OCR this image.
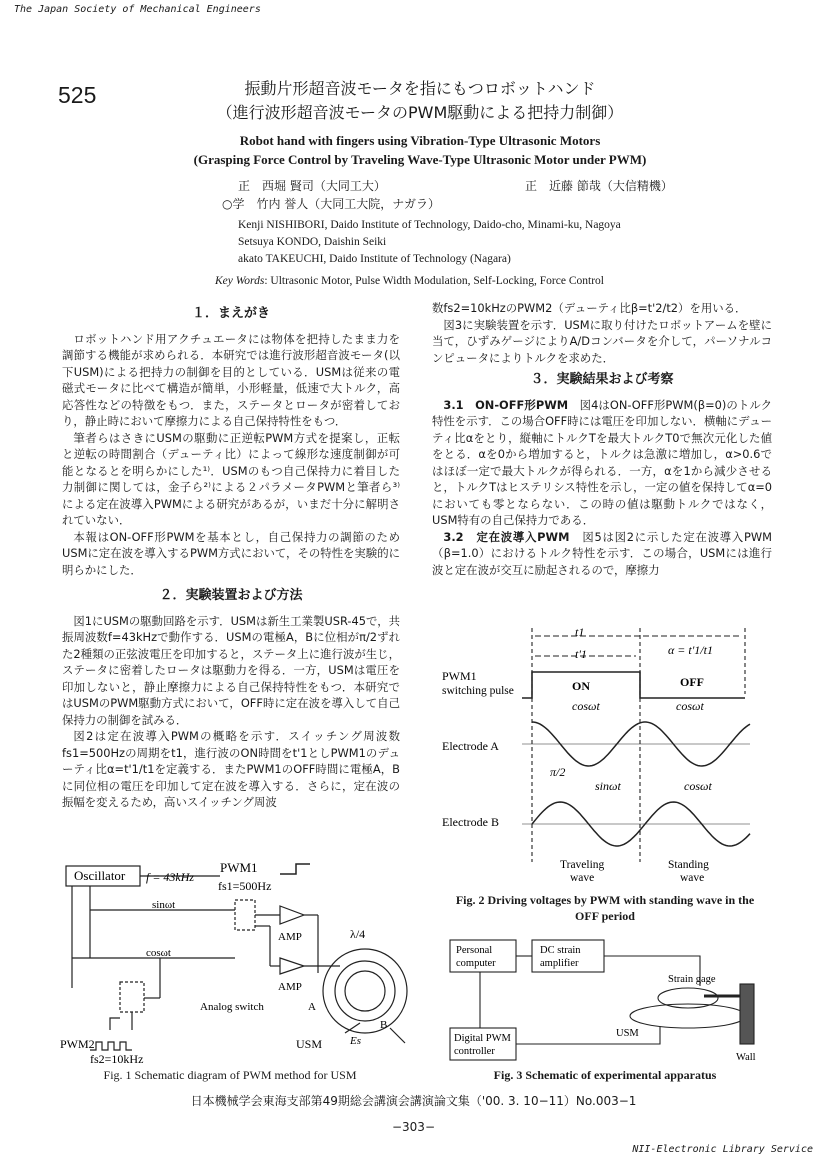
The Japan Society of Mechanical Engineers
525	振動片形超音波モータを指にもつロボットハンド
（進行波形超音波モータのPWM駆動による把持力制御）
Robot hand with fingers using Vibration-Type Ultrasonic Motors
(Grasping Force Control by Traveling Wave-Type Ultrasonic Motor under PWM)
正　西堀 賢司（大同工大）	正　近藤 節哉（大信精機）
○学　竹内 誉人（大同工大院，ナガラ）
Kenji NISHIBORI, Daido Institute of Technology, Daido-cho, Minami-ku, Nagoya
Setsuya KONDO, Daishin Seiki
akato TAKEUCHI, Daido Institute of Technology (Nagara)
Key Words: Ultrasonic Motor, Pulse Width Modulation, Self-Locking, Force Control
１．まえがき

ロボットハンド用アクチュエータには物体を把持したまま力を調節する機能が求められる．本研究では進行波形超音波モータ(以下USM)による把持力の制御を目的としている．USMは従来の電磁式モータに比べて構造が簡単，小形軽量，低速で大トルク，高応答性などの特徴をもつ．また，ステータとロータが密着しており，静止時において摩擦力による自己保持特性をもつ．

筆者らはさきにUSMの駆動に正逆転PWM方式を提案し，正転と逆転の時間割合（デューティ比）によって線形な速度制御が可能となるとを明らかにした¹⁾．USMのもつ自己保持力に着目した力制御に関しては，金子ら²⁾による２パラメータPWMと筆者ら³⁾による定在波導入PWMによる研究があるが，いまだ十分に解明されていない．

本報はON-OFF形PWMを基本とし，自己保持力の調節のためUSMに定在波を導入するPWM方式において，その特性を実験的に明らかにした．

２．実験装置および方法

図1にUSMの駆動回路を示す．USMは新生工業製USR-45で，共振周波数f=43kHzで動作する．USMの電極A，Bに位相がπ/2ずれた2種類の正弦波電圧を印加すると，ステータ上に進行波が生じ，ステータに密着したロータは駆動力を得る．一方，USMは電圧を印加しないと，静止摩擦力による自己保持特性をもつ．本研究ではUSMのPWM駆動方式において，OFF時に定在波を導入して自己保持力の制御を試みる．

図2は定在波導入PWMの概略を示す．スイッチング周波数fs1=500Hzの周期をt1，進行波のON時間をt'1としPWM1のデューティ比α=t'1/t1を定義する．またPWM1のOFF時間に電極A，Bに同位相の電圧を印加して定在波を導入する．さらに，定在波の振幅を変えるため，高いスイッチング周波

数fs2=10kHzのPWM2（デューティ比β=t'2/t2）を用いる．

図3に実験装置を示す．USMに取り付けたロボットアームを壁に当て，ひずみゲージによりA/Dコンバータを介して，パーソナルコンピュータによりトルクを求めた．

３．実験結果および考察

3.1　ON-OFF形PWM　 図4はON-OFF形PWM(β=0)のトルク特性を示す．この場合OFF時には電圧を印加しない．横軸にデューティ比αをとり，縦軸にトルクTを最大トルクT0で無次元化した値をとる．αを0から増加すると，トルクは急激に増加し，α>0.6ではほぼ一定で最大トルクが得られる．一方，αを1から減少させると，トルクTはヒステリシス特性を示し，一定の値を保持してα=0においても零とならない．この時の値は駆動トルクではなく，USM特有の自己保持力である．

3.2　定在波導入PWM　 図5は図2に示した定在波導入PWM（β=1.0）におけるトルク特性を示す．この場合，USMには進行波と定在波が交互に励起されるので，摩擦力

Oscillator f = 43kHz
PWM1
fs1=500Hz
sinωt
cosωt
AMP
AMP
λ/4
Analog switch	A
B
Es
USM
PWM2
fs2=10kHz
Fig. 1 Schematic diagram of PWM method for USM
t1
t'1	α = t'1/t1
PWM1
switching pulse	ON	OFF
cosωt	cosωt
Electrode A
π/2
sinωt	cosωt
Electrode B
Traveling
wave
Standing
wave
Fig. 2 Driving voltages by PWM with standing wave in the
OFF period
Personal
computer
DC strain
amplifier
Strain gage
Digital PWM
controller
USM
Wall
Fig. 3 Schematic of experimental apparatus
日本機械学会東海支部第49期総会講演会講演論文集（'00. 3. 10−11）No.003−1
−303−
NII-Electronic Library Service
